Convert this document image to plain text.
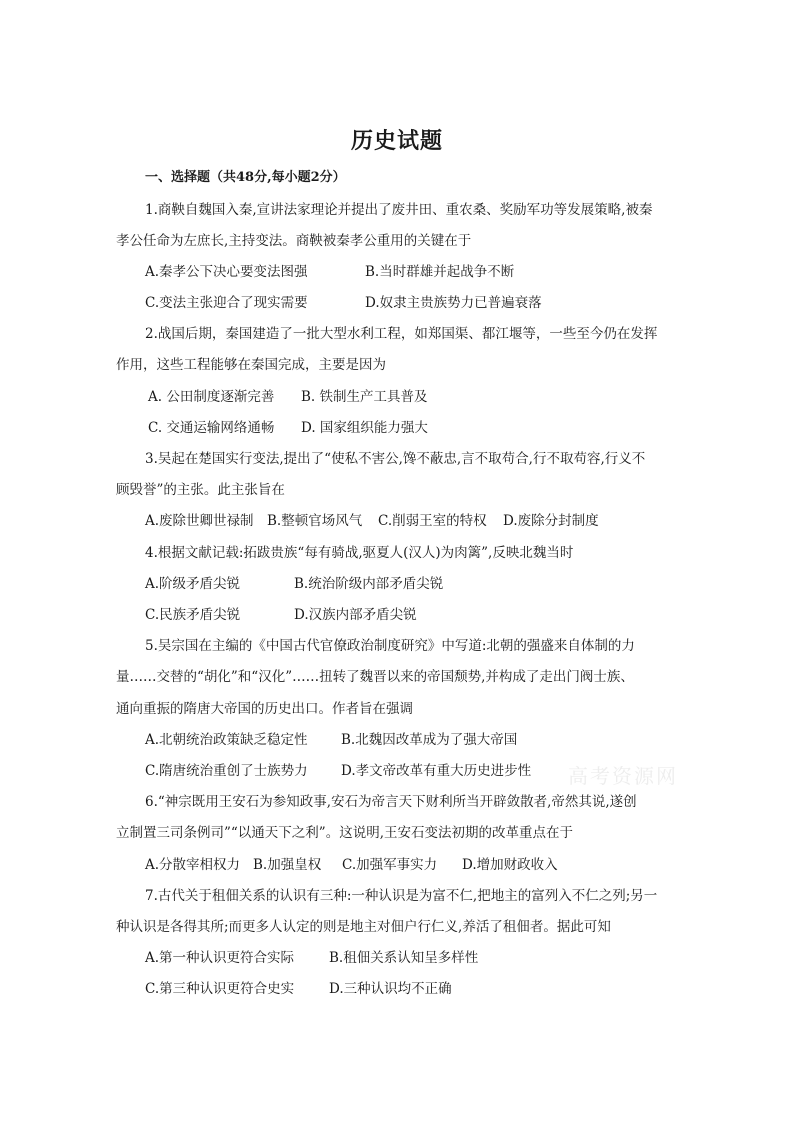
历史试题
一、选择题（共48分,每小题2分）
1.商鞅自魏国入秦,宣讲法家理论并提出了废井田、重农桑、奖励军功等发展策略,被秦
孝公任命为左庶长,主持变法。商鞅被秦孝公重用的关键在于
A.秦孝公下决心要变法图强	B.当时群雄并起战争不断
C.变法主张迎合了现实需要	D.奴隶主贵族势力已普遍衰落
2.战国后期，秦国建造了一批大型水利工程，如郑国渠、都江堰等，一些至今仍在发挥
作用，这些工程能够在秦国完成，主要是因为
A. 公田制度逐渐完善 B. 铁制生产工具普及
C. 交通运输网络通畅 D. 国家组织能力强大
3.吴起在楚国实行变法,提出了“使私不害公,馋不蔽忠,言不取苟合,行不取苟容,行义不
顾毁誉”的主张。此主张旨在
A.废除世卿世禄制 B.整顿官场风气 C.削弱王室的特权 D.废除分封制度
4.根据文献记载:拓跋贵族“每有骑战,驱夏人(汉人)为肉篱”,反映北魏当时
A.阶级矛盾尖锐	B.统治阶级内部矛盾尖锐
C.民族矛盾尖锐	D.汉族内部矛盾尖锐
5.吴宗国在主编的《中国古代官僚政治制度研究》中写道:北朝的强盛来自体制的力
量……交替的“胡化”和“汉化”……扭转了魏晋以来的帝国颓势,并构成了走出门阀士族、
通向重振的隋唐大帝国的历史出口。作者旨在强调
A.北朝统治政策缺乏稳定性 B.北魏因改革成为了强大帝国
C.隋唐统治重创了士族势力 D.孝文帝改革有重大历史进步性 高考资源网
6.“神宗既用王安石为参知政事,安石为帝言天下财利所当开辟敛散者,帝然其说,遂创
立制置三司条例司”“以通天下之利”。这说明,王安石变法初期的改革重点在于
A.分散宰相权力 B.加强皇权 C.加强军事实力 D.增加财政收入
7.古代关于租佃关系的认识有三种:一种认识是为富不仁,把地主的富列入不仁之列;另一
种认识是各得其所;而更多人认定的则是地主对佃户行仁义,养活了租佃者。据此可知
A.第一种认识更符合实际	B.租佃关系认知呈多样性
C.第三种认识更符合史实	D.三种认识均不正确
